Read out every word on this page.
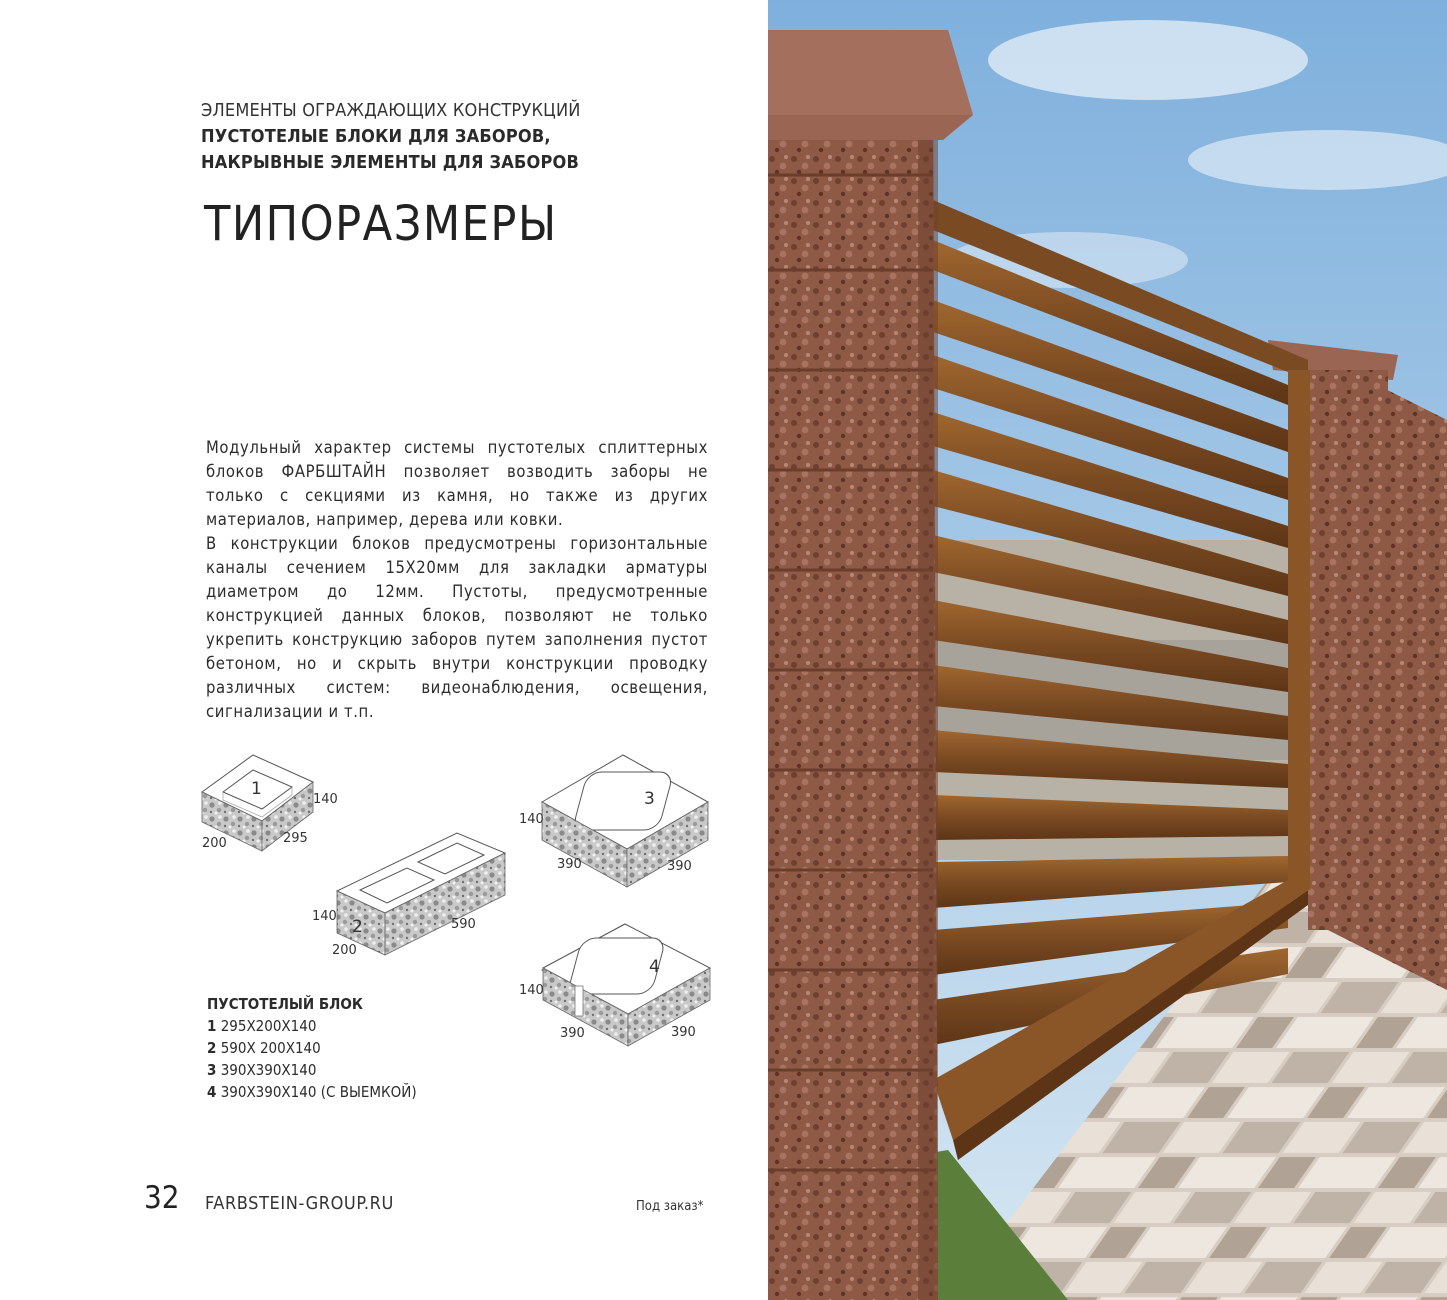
ЭЛЕМЕНТЫ ОГРАЖДАЮЩИХ КОНСТРУКЦИЙ
ПУСТОТЕЛЫЕ БЛОКИ ДЛЯ ЗАБОРОВ,
НАКРЫВНЫЕ ЭЛЕМЕНТЫ ДЛЯ ЗАБОРОВ
ТИПОРАЗМЕРЫ

Модульный характер системы пустотелых сплиттерных блоков ФАРБШТАЙН позволяет возводить заборы не только с секциями из камня, но также из других материалов, например, дерева или ковки.

В конструкции блоков предусмотрены горизонтальные каналы сечением 15Х20мм для закладки арматуры диаметром до 12мм. Пустоты, предусмотренные конструкцией данных блоков, позволяют не только укрепить конструкцию заборов путем заполнения пустот бетоном, но и скрыть внутри конструкции проводку различных систем: видеонаблюдения, освещения, сигнализации и т.п.

1
140
200	295
2
140
200
590
3
140
390	390
4
140
390	390
ПУСТОТЕЛЫЙ БЛОК
1 295Х200Х140
2 590Х 200Х140
3 390Х390Х140
4 390Х390Х140 (С ВЫЕМКОЙ)
32 FARBSTEIN-GROUP.RU	Под заказ*
